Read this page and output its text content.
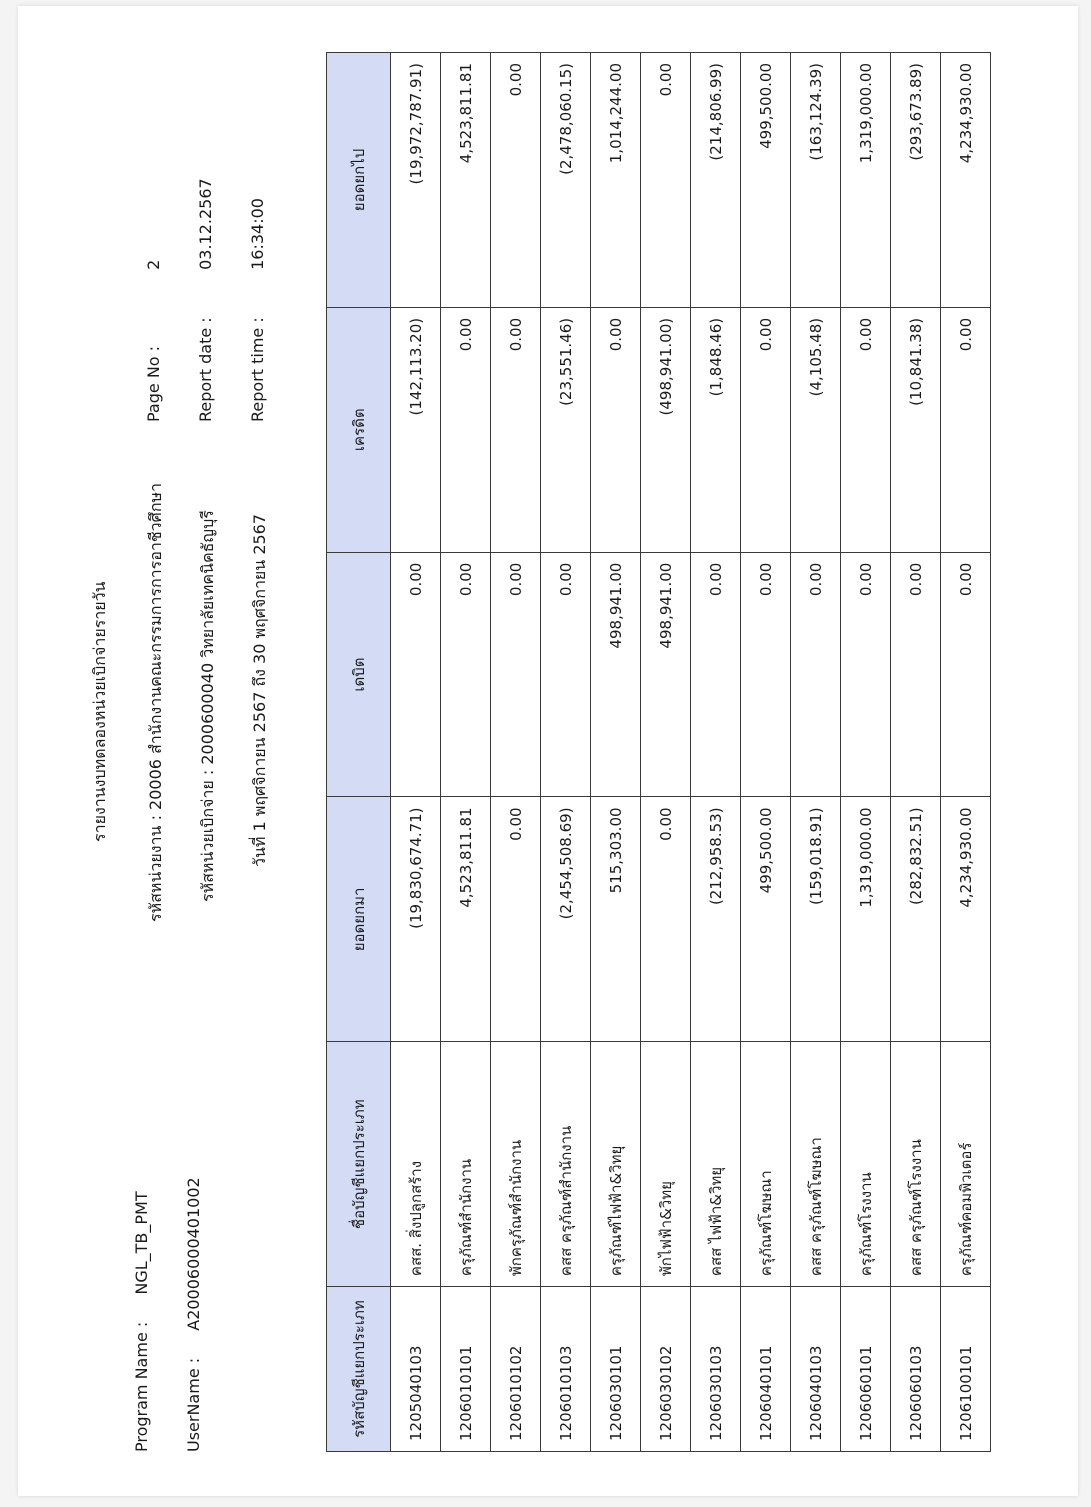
Program Name : NGL_TB_PMT
UserName : A2000600040100​2
รายงานงบทดลองหน่วยเบิกจ่ายรายวัน รหัสหน่วยงาน : 20006 สำนักงานคณะกรรมการการอาชีวศึกษา รหัสหน่วยเบิกจ่าย : 2000600040 วิทยาลัยเทคนิคธัญบุรี วันที่ 1 พฤศจิกายน 2567 ถึง 30 พฤศจิกายน 2567
Page No : 2
Report date : 03.12.2567
Report time : 16:34:00
รหัสบัญชีแยกประเภท	ชื่อบัญชีแยกประเภท	ยอดยกมา	เดบิต	เครดิต	ยอดยกไป
1205040103	คสส. สิ่งปลูกสร้าง	(19,830,674.71)	0.00	(142,113.20)	(19,972,787.91)
1206010101	ครุภัณฑ์สำนักงาน	4,523,811.81	0.00	0.00	4,523,811.81
1206010102	พักครุภัณฑ์สำนักงาน	0.00	0.00	0.00	0.00
1206010103	คสส ครุภัณฑ์สำนักงาน	(2,454,508.69)	0.00	(23,551.46)	(2,478,060.15)
1206030101	ครุภัณฑ์ไฟฟ้า&วิทยุ	515,303.00	498,941.00	0.00	1,014,244.00
1206030102	พักไฟฟ้า&วิทยุ	0.00	498,941.00	(498,941.00)	0.00
1206030103	คสส ไฟฟ้า&วิทยุ	(212,958.53)	0.00	(1,848.46)	(214,806.99)
1206040101	ครุภัณฑ์โฆษณา	499,500.00	0.00	0.00	499,500.00
1206040103	คสส ครุภัณฑ์โฆษณา	(159,018.91)	0.00	(4,105.48)	(163,124.39)
1206060101	ครุภัณฑ์โรงงาน	1,319,000.00	0.00	0.00	1,319,000.00
1206060103	คสส ครุภัณฑ์โรงงาน	(282,832.51)	0.00	(10,841.38)	(293,673.89)
1206100101	ครุภัณฑ์คอมพิวเตอร์	4,234,930.00	0.00	0.00	4,234,930.00
